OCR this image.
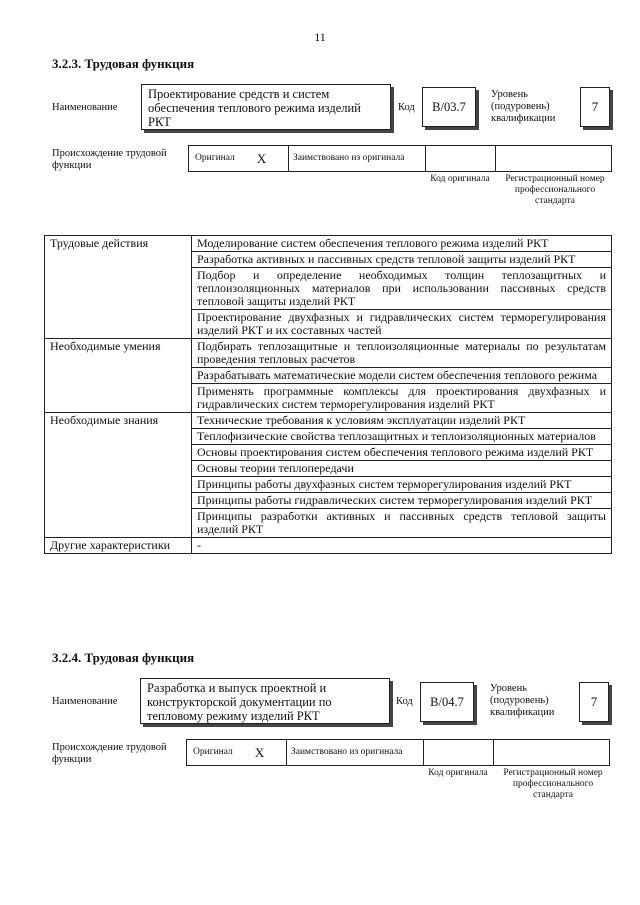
11
3.2.3. Трудовая функция
Наименование
Проектирование средств и систем обеспечения теплового режима изделий РКТ
Код B/03.7
Уровень (подуровень) квалификации
7
Происхождение трудовой функции
Оригинал X	Заимствовано из оригинала
Код оригинала	Регистрационный номер профессионального стандарта
Трудовые действия	Моделирование систем обеспечения теплового режима изделий РКТ
	Разработка активных и пассивных средств тепловой защиты изделий РКТ
	Подбор и определение необходимых толщин теплозащитных и теплоизоляционных материалов при использовании пассивных средств тепловой защиты изделий РКТ
	Проектирование двухфазных и гидравлических систем терморегулирования изделий РКТ и их составных частей
Необходимые умения	Подбирать теплозащитные и теплоизоляционные материалы по результатам проведения тепловых расчетов
	Разрабатывать математические модели систем обеспечения теплового режима
	Применять программные комплексы для проектирования двухфазных и гидравлических систем терморегулирования изделий РКТ
Необходимые знания	Технические требования к условиям эксплуатации изделий РКТ
	Теплофизические свойства теплозащитных и теплоизоляционных материалов
	Основы проектирования систем обеспечения теплового режима изделий РКТ
	Основы теории теплопередачи
	Принципы работы двухфазных систем терморегулирования изделий РКТ
	Принципы работы гидравлических систем терморегулирования изделий РКТ
	Принципы разработки активных и пассивных средств тепловой защиты изделий РКТ
Другие характеристики	-
3.2.4. Трудовая функция
Наименование
Разработка и выпуск проектной и конструкторской документации по тепловому режиму изделий РКТ
Код B/04.7
Уровень (подуровень) квалификации
7
Происхождение трудовой функции
Оригинал X	Заимствовано из оригинала
Код оригинала	Регистрационный номер профессионального стандарта
